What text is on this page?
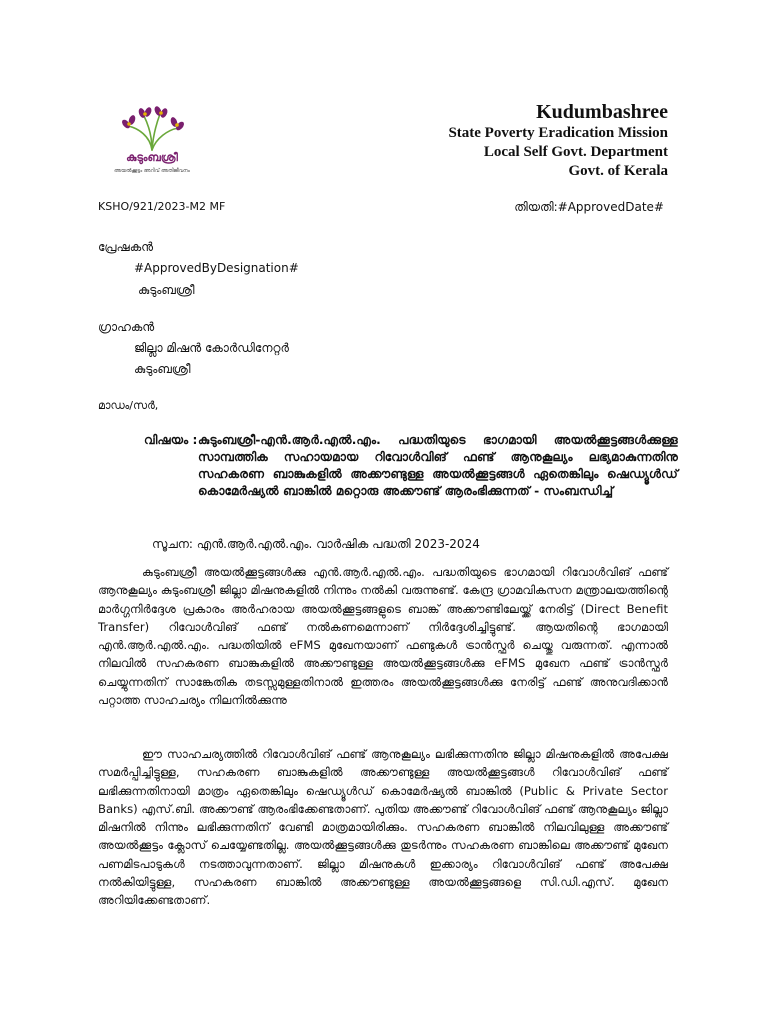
കുടുംബശ്രീ
അയൽക്കൂട്ടം അറിവ് അതിജീവനം
Kudumbashree
State Poverty Eradication Mission
Local Self Govt. Department
Govt. of Kerala
KSHO/921/2023-M2 MF	തിയതി:#ApprovedDate#
പ്രേഷകൻ
#ApprovedByDesignation#
കുടുംബശ്രീ
ഗ്രാഹകൻ
ജില്ലാ മിഷൻ കോർഡിനേറ്റർ
കുടുംബശ്രീ
മാഡം/സർ,
വിഷയം : കുടുംബശ്രീ-എൻ.ആർ.എൽ.എം. പദ്ധതിയുടെ ഭാഗമായി അയൽക്കൂട്ടങ്ങൾക്കുള്ള സാമ്പത്തിക സഹായമായ റിവോൾവിങ് ഫണ്ട് ആനുകൂല്യം ലഭ്യമാകുന്നതിനു സഹകരണ ബാങ്കുകളിൽ അക്കൗണ്ടുള്ള അയൽക്കൂട്ടങ്ങൾ ഏതെങ്കിലും ഷെഡ്യൂൾഡ് കൊമേർഷ്യൽ ബാങ്കിൽ മറ്റൊരു അക്കൗണ്ട് ആരംഭിക്കുന്നത് - സംബന്ധിച്ച്
സൂചന: എൻ.ആർ.എൽ.എം. വാർഷിക പദ്ധതി 2023-2024

കുടുംബശ്രീ അയൽക്കൂട്ടങ്ങൾക്കു എൻ.ആർ.എൽ.എം. പദ്ധതിയുടെ ഭാഗമായി റിവോൾവിങ് ഫണ്ട് ആനുകൂല്യം കുടുംബശ്രീ ജില്ലാ മിഷനുകളിൽ നിന്നും നൽകി വരുന്നുണ്ട്. കേന്ദ്ര ഗ്രാമവികസന മന്ത്രാലയത്തിന്റെ മാർഗ്ഗനിർദ്ദേശ പ്രകാരം അർഹരായ അയൽക്കൂട്ടങ്ങളുടെ ബാങ്ക് അക്കൗണ്ടിലേയ്ക്ക് നേരിട്ട് (Direct Benefit Transfer) റിവോൾവിങ് ഫണ്ട് നൽകണമെന്നാണ് നിർദ്ദേശിച്ചിട്ടുണ്ട്. ആയതിന്റെ ഭാഗമായി എൻ.ആർ.എൽ.എം. പദ്ധതിയിൽ eFMS മുഖേനയാണ് ഫണ്ടുകൾ ട്രാൻസ്ഫർ ചെയ്തു വരുന്നത്. എന്നാൽ നിലവിൽ സഹകരണ ബാങ്കുകളിൽ അക്കൗണ്ടുള്ള അയൽക്കൂട്ടങ്ങൾക്കു eFMS മുഖേന ഫണ്ട് ട്രാൻസ്ഫർ ചെയ്യുന്നതിന് സാങ്കേതിക തടസ്സമുള്ളതിനാൽ ഇത്തരം അയൽക്കൂട്ടങ്ങൾക്കു നേരിട്ട് ഫണ്ട് അനുവദിക്കാൻ പറ്റാത്ത സാഹചര്യം നിലനിൽക്കുന്നു

ഈ സാഹചര്യത്തിൽ റിവോൾവിങ് ഫണ്ട് ആനുകൂല്യം ലഭിക്കുന്നതിനു ജില്ലാ മിഷനുകളിൽ അപേക്ഷ സമർപ്പിച്ചിട്ടുള്ള, സഹകരണ ബാങ്കുകളിൽ അക്കൗണ്ടുള്ള അയൽക്കൂട്ടങ്ങൾ റിവോൾവിങ് ഫണ്ട് ലഭിക്കുന്നതിനായി മാത്രം ഏതെങ്കിലും ഷെഡ്യൂൾഡ് കൊമേർഷ്യൽ ബാങ്കിൽ (Public & Private Sector Banks) എസ്.ബി. അക്കൗണ്ട് ആരംഭിക്കേണ്ടതാണ്. പുതിയ അക്കൗണ്ട് റിവോൾവിങ് ഫണ്ട് ആനുകൂല്യം ജില്ലാ മിഷനിൽ നിന്നും ലഭിക്കുന്നതിന് വേണ്ടി മാത്രമായിരിക്കും. സഹകരണ ബാങ്കിൽ നിലവിലുള്ള അക്കൗണ്ട് അയൽക്കൂട്ടം ക്ലോസ് ചെയ്യേണ്ടതില്ല. അയൽക്കൂട്ടങ്ങൾക്കു തുടർന്നും സഹകരണ ബാങ്കിലെ അക്കൗണ്ട് മുഖേന പണമിടപാടുകൾ നടത്താവുന്നതാണ്. ജില്ലാ മിഷനുകൾ ഇക്കാര്യം റിവോൾവിങ് ഫണ്ട് അപേക്ഷ നൽകിയിട്ടുള്ള, സഹകരണ ബാങ്കിൽ അക്കൗണ്ടുള്ള അയൽക്കൂട്ടങ്ങളെ സി.ഡി.എസ്. മുഖേന അറിയിക്കേണ്ടതാണ്.
